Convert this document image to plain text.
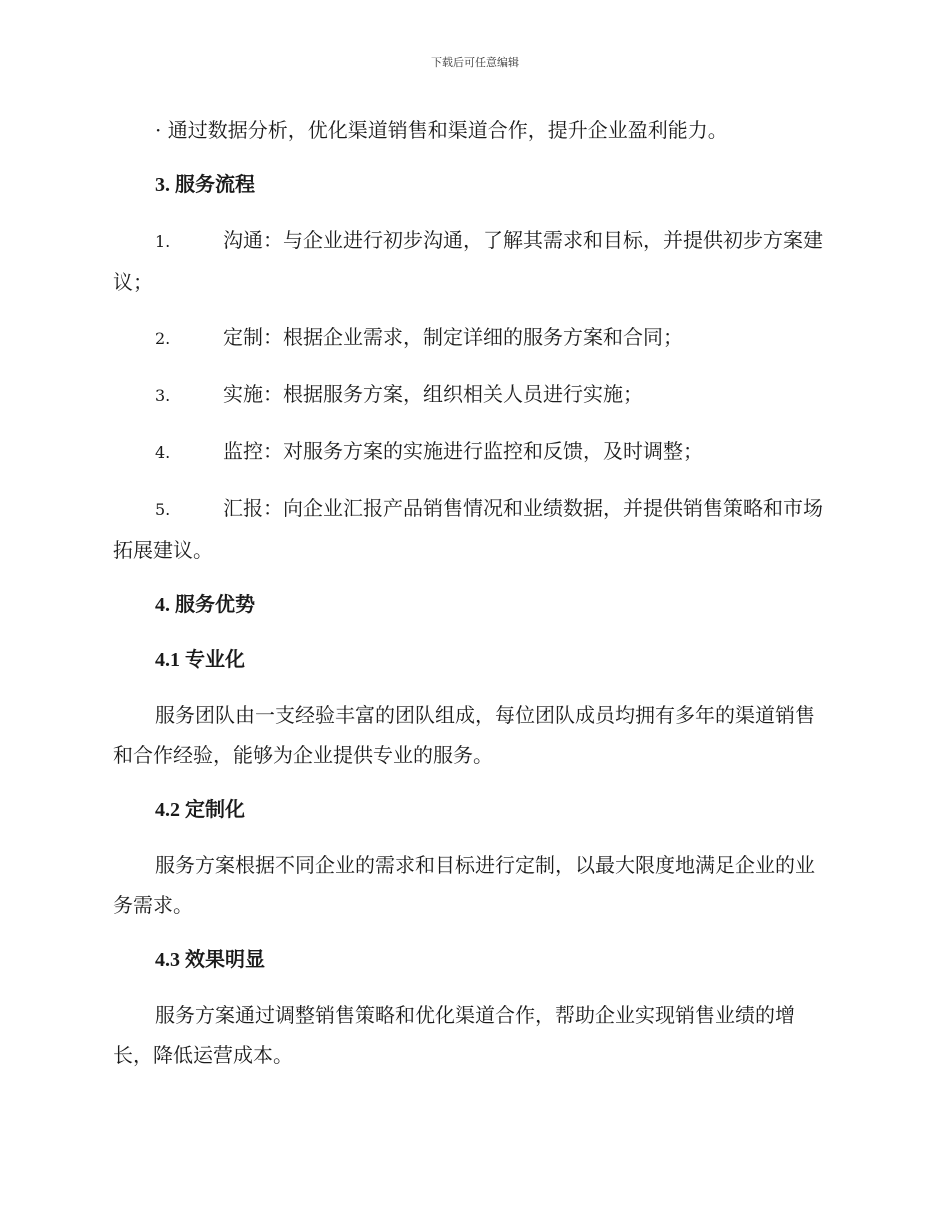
下载后可任意编辑

· 通过数据分析，优化渠道销售和渠道合作，提升企业盈利能力。

3. 服务流程
1.	沟通：与企业进行初步沟通，了解其需求和目标，并提供初步方案建议；
2.	定制：根据企业需求，制定详细的服务方案和合同；
3.	实施：根据服务方案，组织相关人员进行实施；
4.	监控：对服务方案的实施进行监控和反馈，及时调整；
5.	汇报：向企业汇报产品销售情况和业绩数据，并提供销售策略和市场拓展建议。
4. 服务优势
4.1 专业化

服务团队由一支经验丰富的团队组成，每位团队成员均拥有多年的渠道销售和合作经验，能够为企业提供专业的服务。

4.2 定制化

服务方案根据不同企业的需求和目标进行定制，以最大限度地满足企业的业务需求。

4.3 效果明显

服务方案通过调整销售策略和优化渠道合作，帮助企业实现销售业绩的增长，降低运营成本。
